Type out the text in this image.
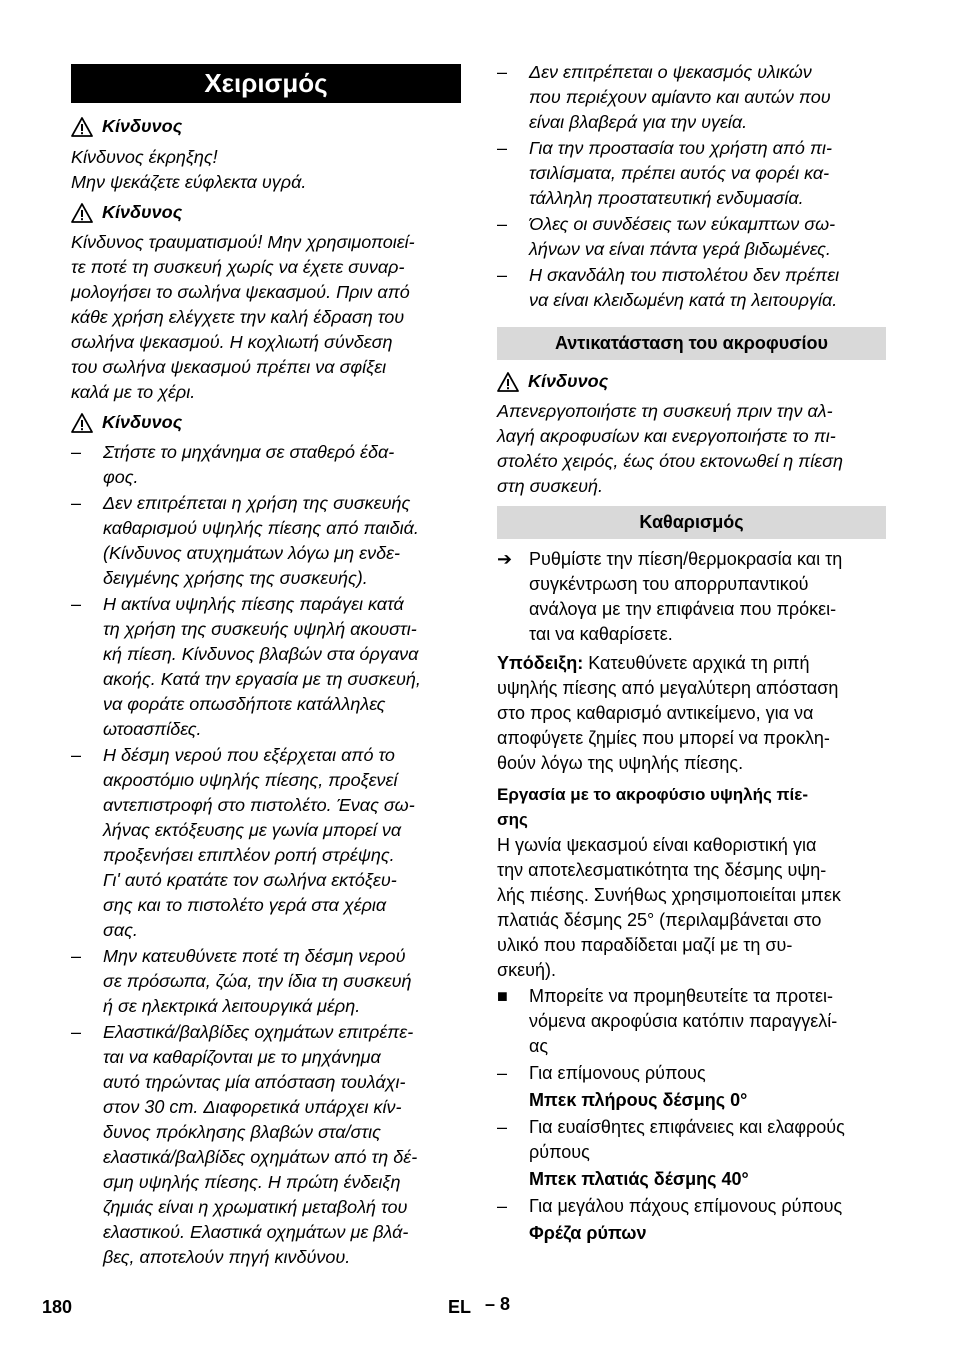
Χειρισμός
Κίνδυνος

Κίνδυνος έκρηξης!

Μην ψεκάζετε εύφλεκτα υγρά.

Κίνδυνος

Κίνδυνος τραυματισμού! Μην χρησιμοποιεί-
τε ποτέ τη συσκευή χωρίς να έχετε συναρ-
μολογήσει το σωλήνα ψεκασμού. Πριν από
κάθε χρήση ελέγχετε την καλή έδραση του
σωλήνα ψεκασμού. Η κοχλιωτή σύνδεση
του σωλήνα ψεκασμού πρέπει να σφίξει
καλά με το χέρι.

Κίνδυνος
–	Στήστε το μηχάνημα σε σταθερό έδα-
φος.
–	Δεν επιτρέπεται η χρήση της συσκευής
καθαρισμού υψηλής πίεσης από παιδιά.
(Κίνδυνος ατυχημάτων λόγω μη ενδε-
δειγμένης χρήσης της συσκευής).
–	Η ακτίνα υψηλής πίεσης παράγει κατά
τη χρήση της συσκευής υψηλή ακουστι-
κή πίεση. Κίνδυνος βλαβών στα όργανα
ακοής. Κατά την εργασία με τη συσκευή,
να φοράτε οπωσδήποτε κατάλληλες
ωτοασπίδες.
–	Η δέσμη νερού που εξέρχεται από το
ακροστόμιο υψηλής πίεσης, προξενεί
αντεπιστροφή στο πιστολέτο. Ένας σω-
λήνας εκτόξευσης με γωνία μπορεί να
προξενήσει επιπλέον ροπή στρέψης.
Γι' αυτό κρατάτε τον σωλήνα εκτόξευ-
σης και το πιστολέτο γερά στα χέρια
σας.
–	Μην κατευθύνετε ποτέ τη δέσμη νερού
σε πρόσωπα, ζώα, την ίδια τη συσκευή
ή σε ηλεκτρικά λειτουργικά μέρη.
–	Ελαστικά/βαλβίδες οχημάτων επιτρέπε-
ται να καθαρίζονται με το μηχάνημα
αυτό τηρώντας μία απόσταση τουλάχι-
στον 30 cm. Διαφορετικά υπάρχει κίν-
δυνος πρόκλησης βλαβών στα/στις
ελαστικά/βαλβίδες οχημάτων από τη δέ-
σμη υψηλής πίεσης. Η πρώτη ένδειξη
ζημιάς είναι η χρωματική μεταβολή του
ελαστικού. Ελαστικά οχημάτων με βλά-
βες, αποτελούν πηγή κινδύνου.
–	Δεν επιτρέπεται ο ψεκασμός υλικών
που περιέχουν αμίαντο και αυτών που
είναι βλαβερά για την υγεία.
–	Για την προστασία του χρήστη από πι-
τσιλίσματα, πρέπει αυτός να φορέι κα-
τάλληλη προστατευτική ενδυμασία.
–	Όλες οι συνδέσεις των εύκαμπτων σω-
λήνων να είναι πάντα γερά βιδωμένες.
–	Η σκανδάλη του πιστολέτου δεν πρέπει
να είναι κλειδωμένη κατά τη λειτουργία.
Αντικατάσταση του ακροφυσίου
Κίνδυνος

Απενεργοποιήστε τη συσκευή πριν την αλ-
λαγή ακροφυσίων και ενεργοποιήστε το πι-
στολέτο χειρός, έως ότου εκτονωθεί η πίεση
στη συσκευή.

Καθαρισμός
➔ Ρυθμίστε την πίεση/θερμοκρασία και τη
συγκέντρωση του απορρυπαντικού
ανάλογα με την επιφάνεια που πρόκει-
ται να καθαρίσετε.

Υπόδειξη: Κατευθύνετε αρχικά τη ριπή
υψηλής πίεσης από μεγαλύτερη απόσταση
στο προς καθαρισμό αντικείμενο, για να
αποφύγετε ζημίες που μπορεί να προκλη-
θούν λόγω της υψηλής πίεσης.

Εργασία με το ακροφύσιο υψηλής πίε-
σης

Η γωνία ψεκασμού είναι καθοριστική για
την αποτελεσματικότητα της δέσμης υψη-
λής πιέσης. Συνήθως χρησιμοποιείται μπεκ
πλατιάς δέσμης 25° (περιλαμβάνεται στο
υλικό που παραδίδεται μαζί με τη συ-
σκευή).

■	Μπορείτε να προμηθευτείτε τα προτει-
νόμενα ακροφύσια κατόπιν παραγγελί-
ας
–	Για επίμονους ρύπους
Μπεκ πλήρους δέσμης 0°
–	Για ευαίσθητες επιφάνειες και ελαφρούς
ρύπους
Μπεκ πλατιάς δέσμης 40°
–	Για μεγάλου πάχους επίμονους ρύπους
Φρέζα ρύπων
180	EL – 8
